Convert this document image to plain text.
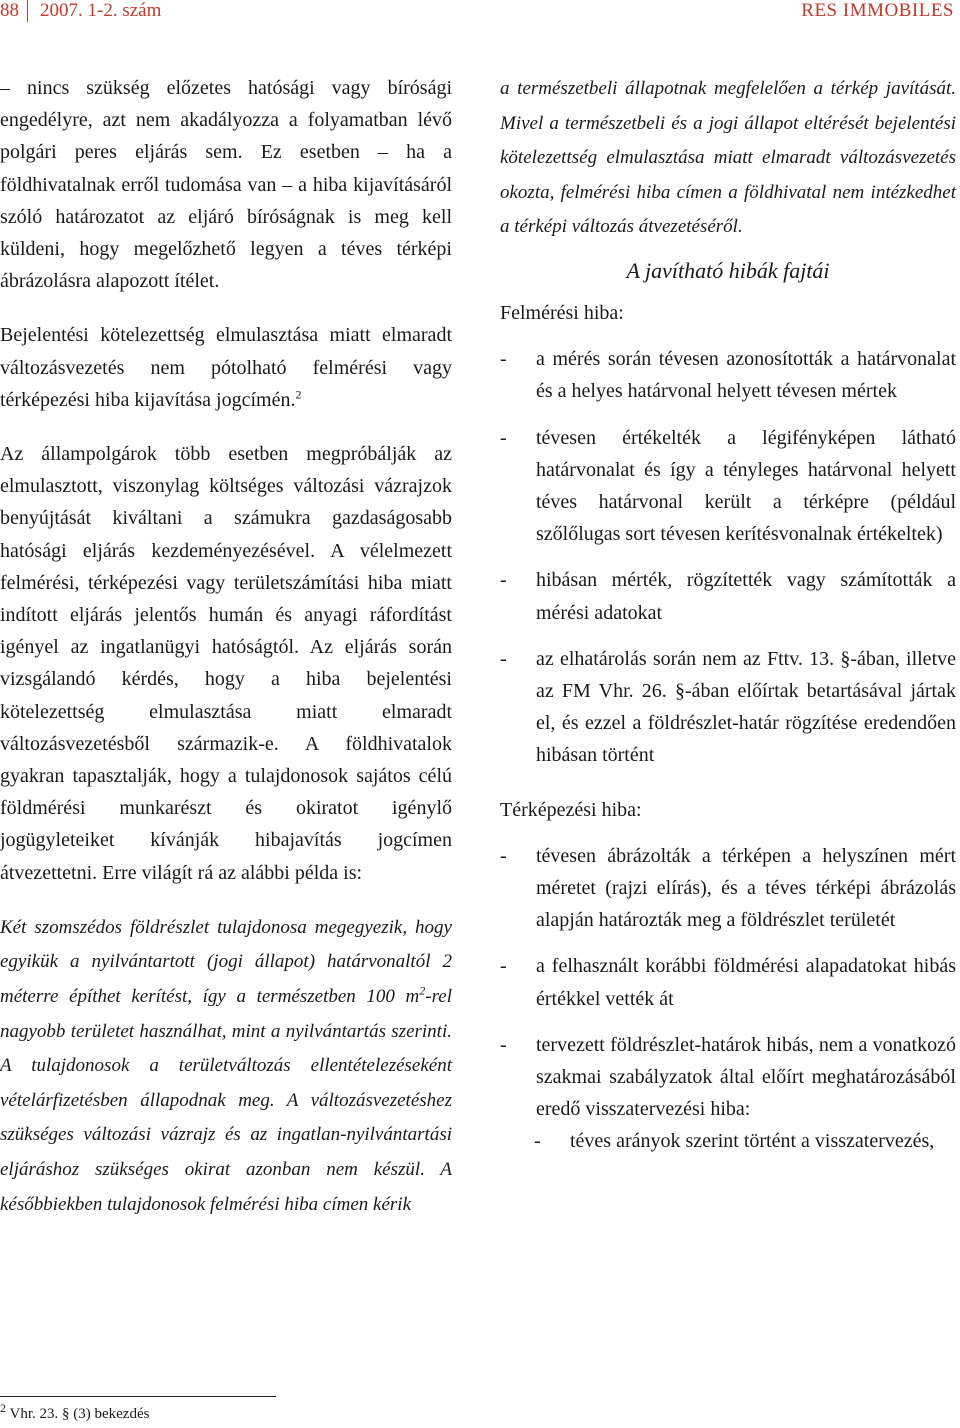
88	2007. 1-2. szám	RES IMMOBILES

– nincs szükség előzetes hatósági vagy bírósági engedélyre, azt nem akadályozza a folyamatban lévő polgári peres eljárás sem. Ez esetben – ha a földhivatalnak erről tudomása van – a hiba kijavításáról szóló határozatot az eljáró bíróságnak is meg kell küldeni, hogy megelőzhető legyen a téves térképi ábrázolásra alapozott ítélet.

Bejelentési kötelezettség elmulasztása miatt elmaradt változásvezetés nem pótolható felmérési vagy térképezési hiba kijavítása jogcímén.$^2$

Az állampolgárok több esetben megpróbálják az elmulasztott, viszonylag költséges változási vázrajzok benyújtását kiváltani a számukra gazdaságosabb hatósági eljárás kezdeményezésével. A vélelmezett felmérési, térképezési vagy területszámítási hiba miatt indított eljárás jelentős humán és anyagi ráfordítást igényel az ingatlanügyi hatóságtól. Az eljárás során vizsgálandó kérdés, hogy a hiba bejelentési kötelezettség elmulasztása miatt elmaradt változásvezetésből származik-e. A földhivatalok gyakran tapasztalják, hogy a tulajdonosok sajátos célú földmérési munkarészt és okiratot igénylő jogügyleteiket kívánják hibajavítás jogcímen átvezettetni. Erre világít rá az alábbi példa is:

Két szomszédos földrészlet tulajdonosa megegyezik, hogy egyikük a nyilvántartott (jogi állapot) határvonaltól 2 méterre építhet kerítést, így a természetben 100 $m^2$-rel nagyobb területet használhat, mint a nyilvántartás szerinti. A tulajdonosok a területváltozás ellentételezéseként vételárfizetésben állapodnak meg. A változásvezetéshez szükséges változási vázrajz és az ingatlan-nyilvántartási eljáráshoz szükséges okirat azonban nem készül. A későbbiekben tulajdonosok felmérési hiba címen kérik

a természetbeli állapotnak megfelelően a térkép javítását. Mivel a természetbeli és a jogi állapot eltérését bejelentési kötelezettség elmulasztása miatt elmaradt változásvezetés okozta, felmérési hiba címen a földhivatal nem intézkedhet a térképi változás átvezetéséről.

A javítható hibák fajtái

Felmérési hiba:

- a mérés során tévesen azonosították a határvonalat és a helyes határvonal helyett tévesen mértek
- tévesen értékelték a légifényképen látható határvonalat és így a tényleges határvonal helyett téves határvonal került a térképre (például szőlőlugas sort tévesen kerítésvonalnak értékeltek)
- hibásan mérték, rögzítették vagy számították a mérési adatokat
- az elhatárolás során nem az Fttv. 13. §-ában, illetve az FM Vhr. 26. §-ában előírtak betartásával jártak el, és ezzel a földrészlet-határ rögzítése eredendően hibásan történt

Térképezési hiba:

- tévesen ábrázolták a térképen a helyszínen mért méretet (rajzi elírás), és a téves térképi ábrázolás alapján határozták meg a földrészlet területét
- a felhasznált korábbi földmérési alapadatokat hibás értékkel vették át
- tervezett földrészlet-határok hibás, nem a vonatkozó szakmai szabályzatok által előírt meghatározásából eredő visszatervezési hiba:
- téves arányok szerint történt a visszatervezés,
$^2$ Vhr. 23. § (3) bekezdés
